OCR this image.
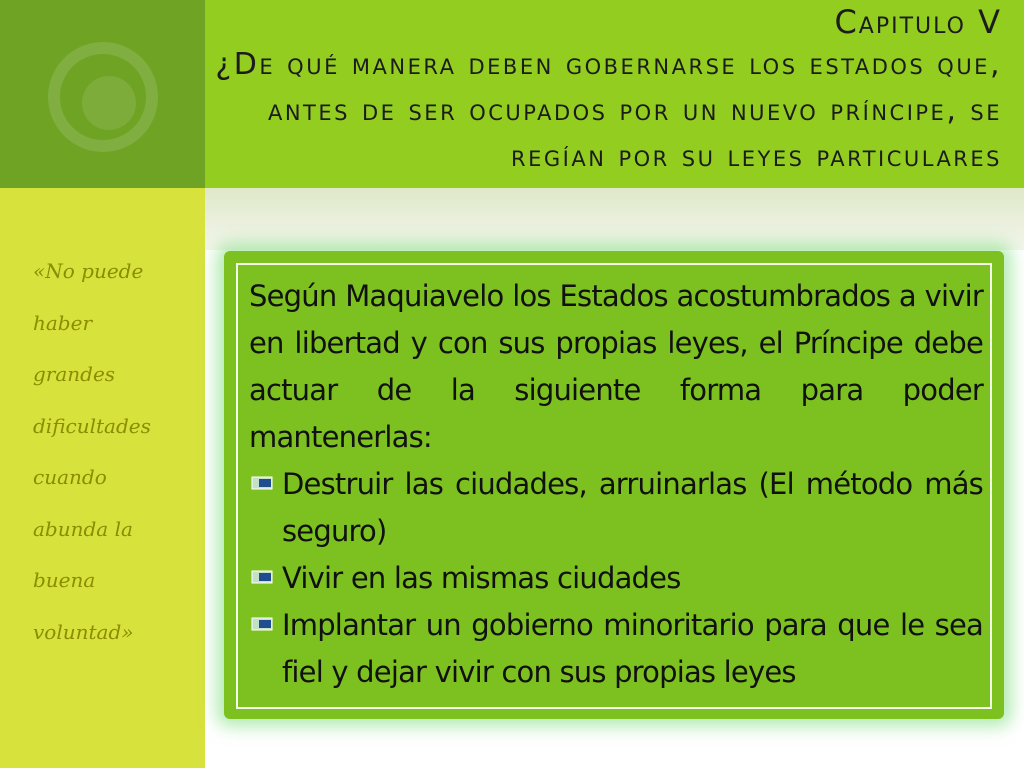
Capitulo V
¿De qué manera deben gobernarse los estados que,
antes de ser ocupados por un nuevo príncipe, se
regían por su leyes particulares
«No puede
haber
grandes
dificultades
cuando
abunda la
buena
voluntad»

Según Maquiavelo los Estados acostumbrados a vivir en libertad y con sus propias leyes, el Príncipe debe actuar de la siguiente forma para poder mantenerlas:

Destruir las ciudades, arruinarlas (El método más seguro)
Vivir en las mismas ciudades
Implantar un gobierno minoritario para que le sea fiel y dejar vivir con sus propias leyes
